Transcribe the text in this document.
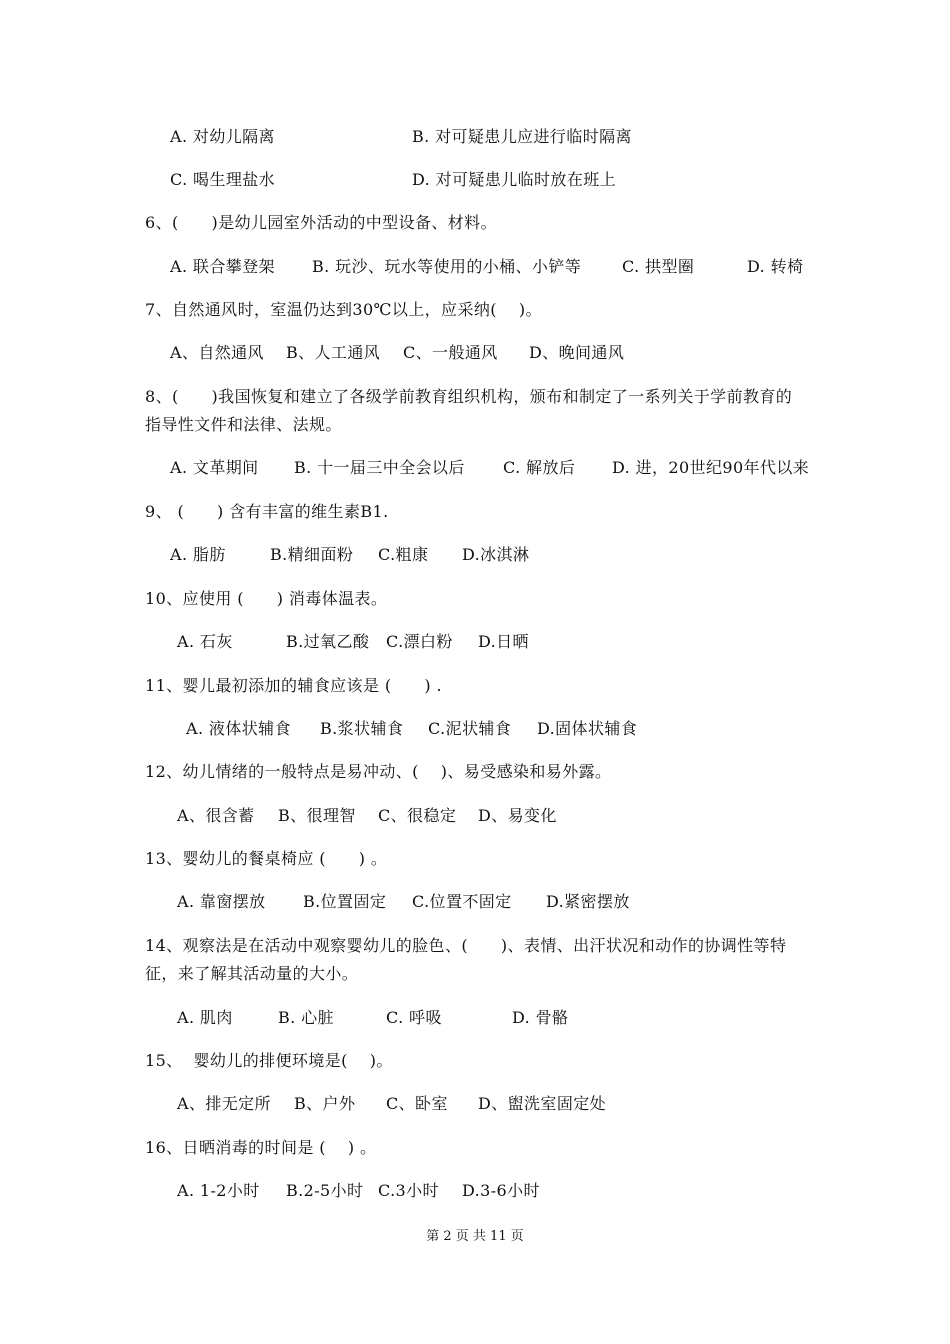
A. 对幼儿隔离	B. 对可疑患儿应进行临时隔离
C. 喝生理盐水	D. 对可疑患儿临时放在班上
6、(      )是幼儿园室外活动的中型设备、材料。
A. 联合攀登架 B. 玩沙、玩水等使用的小桶、小铲等	C. 拱型圈	D. 转椅
7、自然通风时，室温仍达到30℃以上，应采纳(    )。
A、自然通风 B、人工通风 C、一般通风 D、晚间通风
8、(      )我国恢复和建立了各级学前教育组织机构，颁布和制定了一系列关于学前教育的
指导性文件和法律、法规。
A. 文革期间 B. 十一届三中全会以后 C. 解放后 D. 进，20世纪90年代以来
9、 (      ) 含有丰富的维生素B1.
A. 脂肪	B.精细面粉 C.粗康 D.冰淇淋
10、应使用 (      ) 消毒体温表。
A. 石灰	B.过氧乙酸 C.漂白粉 D.日晒
11、婴儿最初添加的辅食应该是 (      ) .
A. 液体状辅食 B.浆状辅食 C.泥状辅食 D.固体状辅食
12、幼儿情绪的一般特点是易冲动、(    )、易受感染和易外露。
A、很含蓄 B、很理智 C、很稳定 D、易变化
13、婴幼儿的餐桌椅应 (      ) 。
A. 靠窗摆放 B.位置固定 C.位置不固定 D.紧密摆放
14、观察法是在活动中观察婴幼儿的脸色、(      )、表情、出汗状况和动作的协调性等特
征，来了解其活动量的大小。
A. 肌肉	B. 心脏	C. 呼吸	D. 骨骼
15、  婴幼儿的排便环境是(    )。
A、排无定所 B、户外 C、卧室 D、盥洗室固定处
16、日晒消毒的时间是 (    ) 。
A. 1-2小时 B.2-5小时 C.3小时 D.3-6小时
第 2 页 共 11 页
